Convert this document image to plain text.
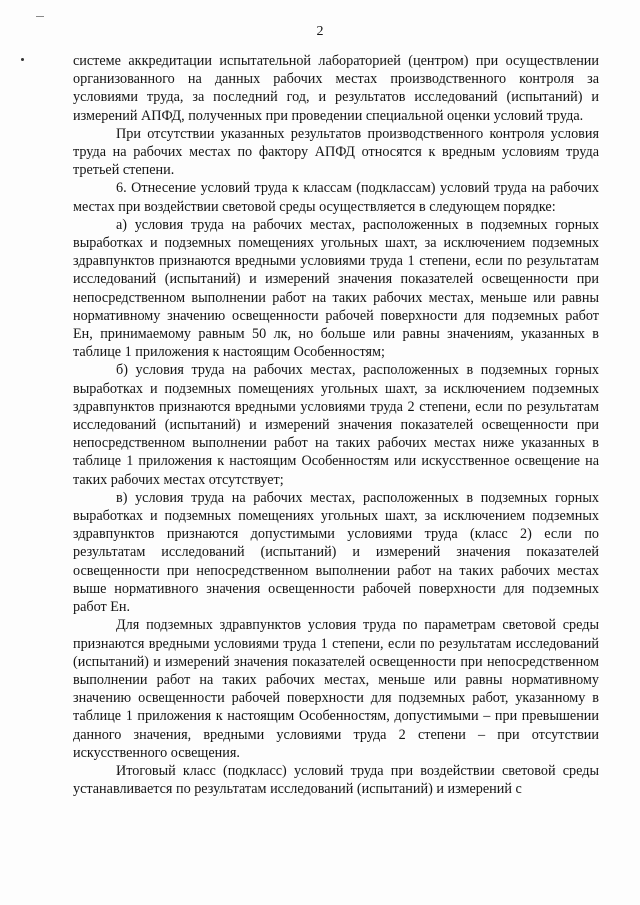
2

системе аккредитации испытательной лабораторией (центром) при осуществлении организованного на данных рабочих местах производственного контроля за условиями труда, за последний год, и результатов исследований (испытаний) и измерений АПФД, полученных при проведении специальной оценки условий труда.

При отсутствии указанных результатов производственного контроля условия труда на рабочих местах по фактору АПФД относятся к вредным условиям труда третьей степени.

6. Отнесение условий труда к классам (подклассам) условий труда на рабочих местах при воздействии световой среды осуществляется в следующем порядке:

а) условия труда на рабочих местах, расположенных в подземных горных выработках и подземных помещениях угольных шахт, за исключением подземных здравпунктов признаются вредными условиями труда 1 степени, если по результатам исследований (испытаний) и измерений значения показателей освещенности при непосредственном выполнении работ на таких рабочих местах, меньше или равны нормативному значению освещенности рабочей поверхности для подземных работ Eн, принимаемому равным 50 лк, но больше или равны значениям, указанных в таблице 1 приложения к настоящим Особенностям;

б) условия труда на рабочих местах, расположенных в подземных горных выработках и подземных помещениях угольных шахт, за исключением подземных здравпунктов признаются вредными условиями труда 2 степени, если по результатам исследований (испытаний) и измерений значения показателей освещенности при непосредственном выполнении работ на таких рабочих местах ниже указанных в таблице 1 приложения к настоящим Особенностям или искусственное освещение на таких рабочих местах отсутствует;

в) условия труда на рабочих местах, расположенных в подземных горных выработках и подземных помещениях угольных шахт, за исключением подземных здравпунктов признаются допустимыми условиями труда (класс 2) если по результатам исследований (испытаний) и измерений значения показателей освещенности при непосредственном выполнении работ на таких рабочих местах выше нормативного значения освещенности рабочей поверхности для подземных работ Eн.

Для подземных здравпунктов условия труда по параметрам световой среды признаются вредными условиями труда 1 степени, если по результатам исследований (испытаний) и измерений значения показателей освещенности при непосредственном выполнении работ на таких рабочих местах, меньше или равны нормативному значению освещенности рабочей поверхности для подземных работ, указанному в таблице 1 приложения к настоящим Особенностям, допустимыми – при превышении данного значения, вредными условиями труда 2 степени – при отсутствии искусственного освещения.

Итоговый класс (подкласс) условий труда при воздействии световой среды устанавливается по результатам исследований (испытаний) и измерений с
